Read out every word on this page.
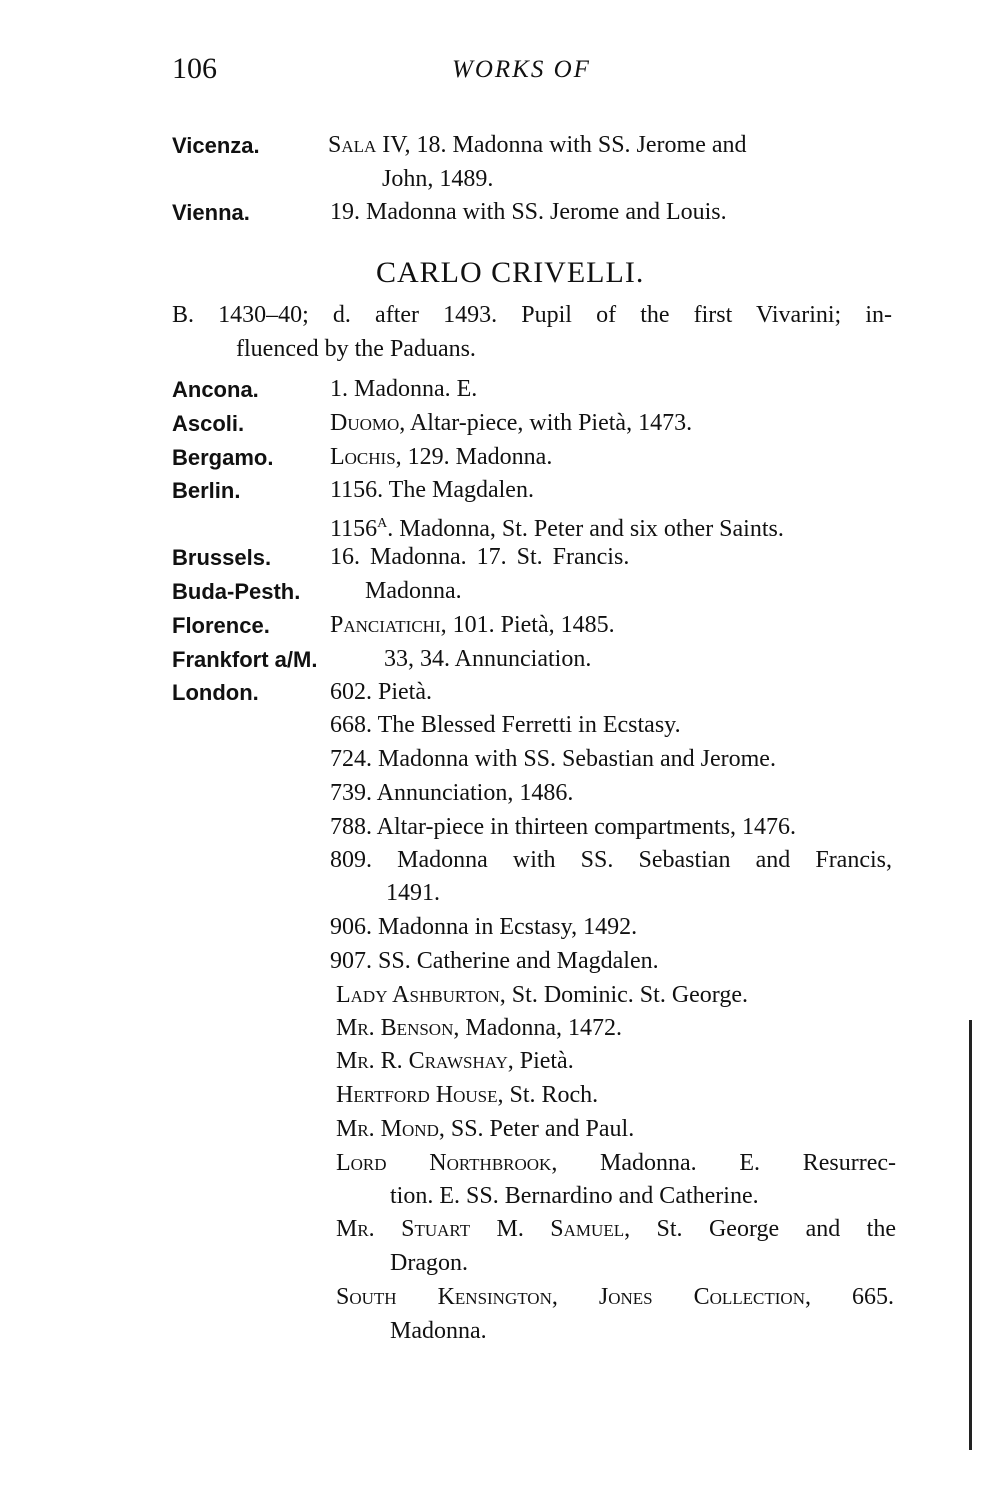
106	WORKS OF
Vicenza.	Sala IV, 18. Madonna with SS. Jerome and
John, 1489.
Vienna.	19. Madonna with SS. Jerome and Louis.
CARLO CRIVELLI.
B. 1430–40; d. after 1493. Pupil of the first Vivarini; in-
fluenced by the Paduans.
Ancona.	1. Madonna. E.
Ascoli.	Duomo, Altar-piece, with Pietà, 1473.
Bergamo. Lochis, 129. Madonna.
Berlin.	1156. The Magdalen.
$1156^A$. Madonna, St. Peter and six other Saints.
Brussels. 16. Madonna. 17. St. Francis.
Buda-Pesth.	Madonna.
Florence.	Panciatichi, 101. Pietà, 1485.
Frankfort a/M.	33, 34. Annunciation.
London.	602. Pietà.
668. The Blessed Ferretti in Ecstasy.
724. Madonna with SS. Sebastian and Jerome.
739. Annunciation, 1486.
788. Altar-piece in thirteen compartments, 1476.
809. Madonna with SS. Sebastian and Francis,
1491.
906. Madonna in Ecstasy, 1492.
907. SS. Catherine and Magdalen.
Lady Ashburton, St. Dominic. St. George.
Mr. Benson, Madonna, 1472.
Mr. R. Crawshay, Pietà.
Hertford House, St. Roch.
Mr. Mond, SS. Peter and Paul.
Lord Northbrook, Madonna. E. Resurrec-
tion. E. SS. Bernardino and Catherine.
Mr. Stuart M. Samuel, St. George and the
Dragon.
South Kensington, Jones Collection, 665.
Madonna.
